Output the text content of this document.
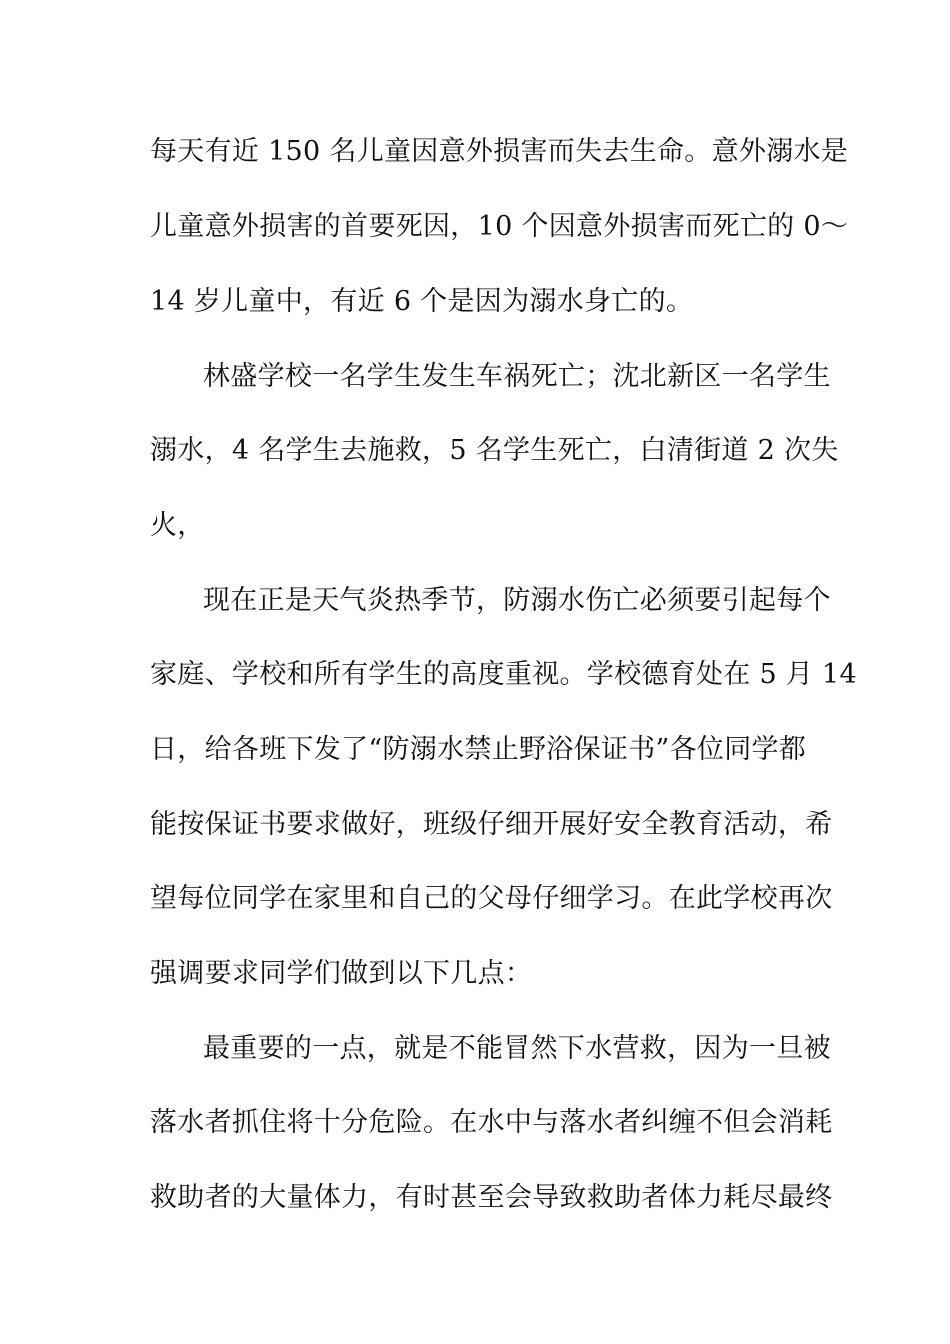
每天有近 150 名儿童因意外损害而失去生命。意外溺水是
儿童意外损害的首要死因，10 个因意外损害而死亡的 0～
14 岁儿童中，有近 6 个是因为溺水身亡的。
林盛学校一名学生发生车祸死亡；沈北新区一名学生
溺水，4 名学生去施救，5 名学生死亡，白清街道 2 次失
火，
现在正是天气炎热季节，防溺水伤亡必须要引起每个
家庭、学校和所有学生的高度重视。学校德育处在 5 月 14
日，给各班下发了“防溺水禁止野浴保证书”各位同学都
能按保证书要求做好，班级仔细开展好安全教育活动，希
望每位同学在家里和自己的父母仔细学习。在此学校再次
强调要求同学们做到以下几点：
最重要的一点，就是不能冒然下水营救，因为一旦被
落水者抓住将十分危险。在水中与落水者纠缠不但会消耗
救助者的大量体力，有时甚至会导致救助者体力耗尽最终
